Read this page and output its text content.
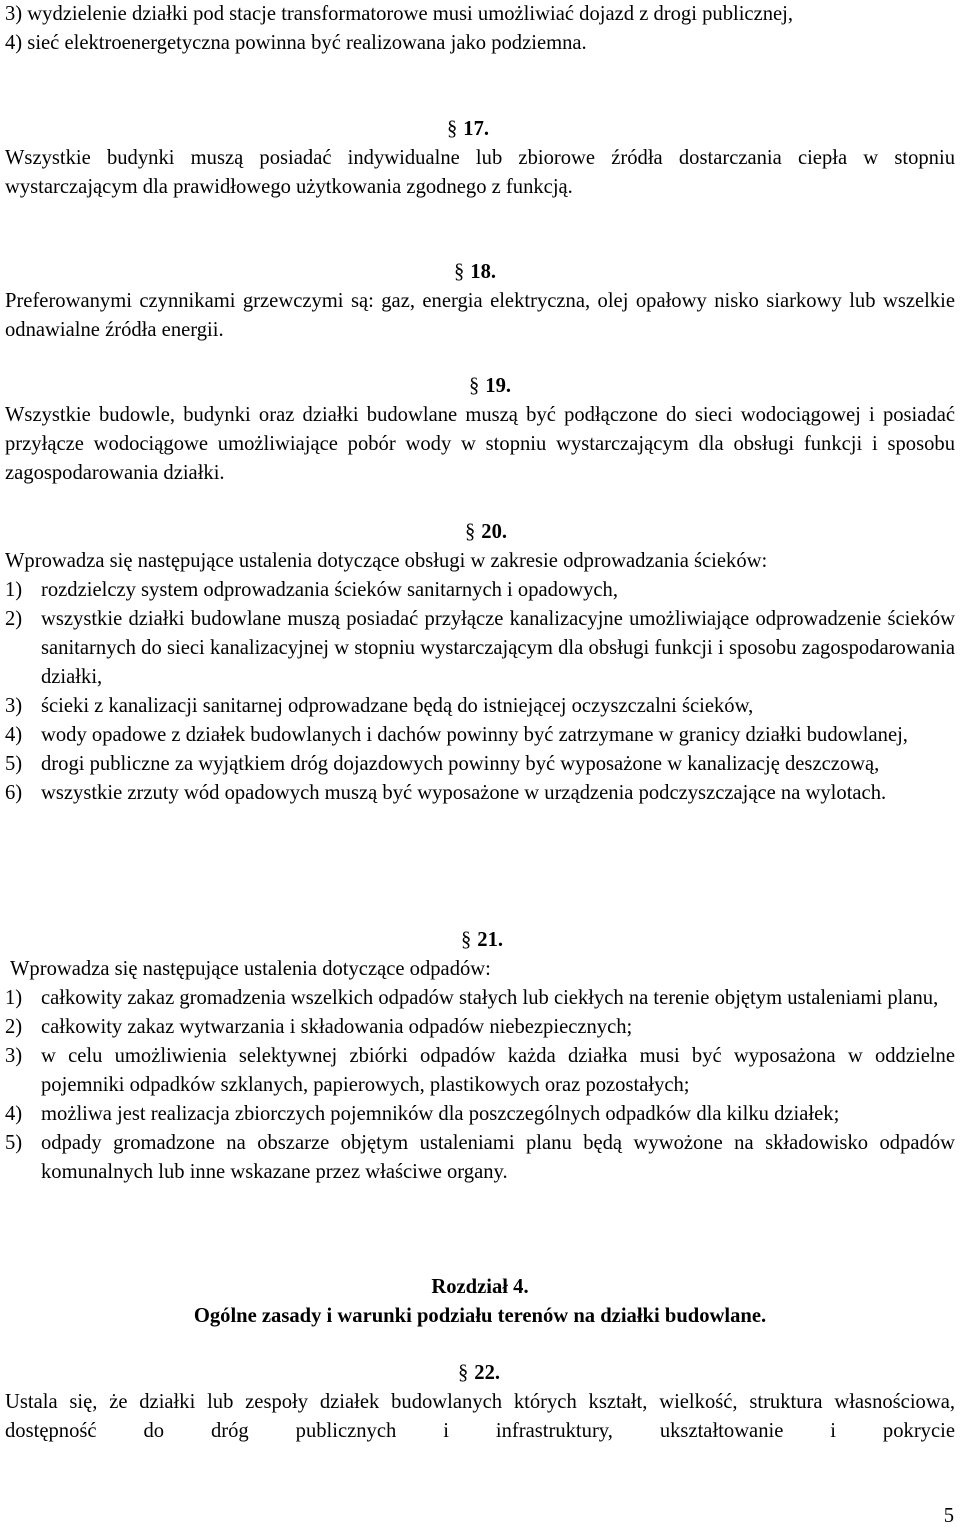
3) wydzielenie działki pod stacje transformatorowe musi umożliwiać dojazd z drogi publicznej,

4) sieć elektroenergetyczna powinna być realizowana jako podziemna.

§ 17.

Wszystkie budynki muszą posiadać indywidualne lub zbiorowe źródła dostarczania ciepła w stopniu wystarczającym dla prawidłowego użytkowania zgodnego z funkcją.

§ 18.

Preferowanymi czynnikami grzewczymi są: gaz, energia elektryczna, olej opałowy nisko siarkowy lub wszelkie odnawialne źródła energii.

§ 19.

Wszystkie budowle, budynki oraz działki budowlane muszą być podłączone do sieci wodociągowej i posiadać przyłącze wodociągowe umożliwiające pobór wody w stopniu wystarczającym dla obsługi funkcji i sposobu zagospodarowania działki.

§ 20.

Wprowadza się następujące ustalenia dotyczące obsługi w zakresie odprowadzania ścieków:

1) rozdzielczy system odprowadzania ścieków sanitarnych i opadowych,
2) wszystkie działki budowlane muszą posiadać przyłącze kanalizacyjne umożliwiające odprowadzenie ścieków sanitarnych do sieci kanalizacyjnej w stopniu wystarczającym dla obsługi funkcji i sposobu zagospodarowania działki,
3) ścieki z kanalizacji sanitarnej odprowadzane będą do istniejącej oczyszczalni ścieków,
4) wody opadowe z działek budowlanych i dachów powinny być zatrzymane w granicy działki budowlanej,
5) drogi publiczne za wyjątkiem dróg dojazdowych powinny być wyposażone w kanalizację deszczową,
6) wszystkie zrzuty wód opadowych muszą być wyposażone w urządzenia podczyszczające na wylotach.
§ 21.

Wprowadza się następujące ustalenia dotyczące odpadów:

1) całkowity zakaz gromadzenia wszelkich odpadów stałych lub ciekłych na terenie objętym ustaleniami planu,
2) całkowity zakaz wytwarzania i składowania odpadów niebezpiecznych;
3) w celu umożliwienia selektywnej zbiórki odpadów każda działka musi być wyposażona w oddzielne pojemniki odpadków szklanych, papierowych, plastikowych oraz pozostałych;
4) możliwa jest realizacja zbiorczych pojemników dla poszczególnych odpadków dla kilku działek;
5) odpady gromadzone na obszarze objętym ustaleniami planu będą wywożone na składowisko odpadów komunalnych lub inne wskazane przez właściwe organy.
Rozdział 4.
Ogólne zasady i warunki podziału terenów na działki budowlane.
§ 22.

Ustala się, że działki lub zespoły działek budowlanych których kształt, wielkość, struktura własnościowa, dostępność do dróg publicznych i infrastruktury, ukształtowanie i pokrycie

5
